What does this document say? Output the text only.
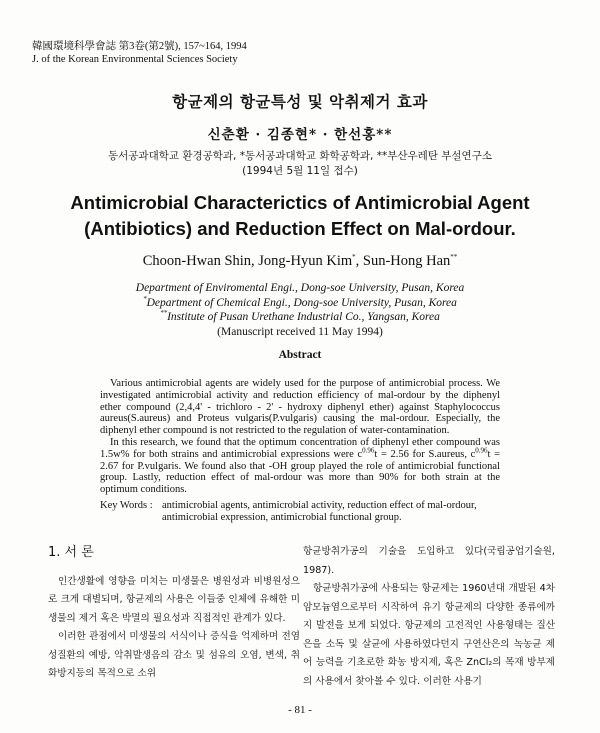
韓國環境科學會誌 第3卷(第2號), 157~164, 1994
J. of the Korean Environmental Sciences Society
항균제의 항균특성 및 악취제거 효과
신춘환 · 김종현* · 한선홍**
동서공과대학교 환경공학과, *동서공과대학교 화학공학과, **부산우레탄 부설연구소
(1994년 5월 11일 접수)
Antimicrobial Characterictics of Antimicrobial Agent
(Antibiotics) and Reduction Effect on Mal-ordour.
Choon-Hwan Shin, Jong-Hyun Kim*, Sun-Hong Han**
Department of Enviromental Engi., Dong-soe University, Pusan, Korea
*Department of Chemical Engi., Dong-soe University, Pusan, Korea
**Institute of Pusan Urethane Industrial Co., Yangsan, Korea
(Manuscript received 11 May 1994)
Abstract

Various antimicrobial agents are widely used for the purpose of antimicrobial process. We investigated antimicrobial activity and reduction efficiency of mal-ordour by the diphenyl ether compound (2,4,4' - trichloro - 2' - hydroxy diphenyl ether) against Staphylococcus aureus(S.aureus) and Proteus vulgaris(P.vulgaris) causing the mal-ordour. Especially, the diphenyl ether compound is not restricted to the regulation of water-contamination.

In this research, we found that the optimum concentration of diphenyl ether compound was 1.5w% for both strains and antimicrobial expressions were $c^{0.96}t = 2.56$ for S.aureus, $c^{0.96}t = 2.67$ for P.vulgaris. We found also that -OH group played the role of antimicrobial functional group. Lastly, reduction effect of mal-ordour was more than 90% for both strain at the optimum conditions.

Key Words : antimicrobial agents, antimicrobial activity, reduction effect of mal-ordour, antimicrobial expression, antimicrobial functional group.
1. 서 론

인간생활에 영향을 미치는 미생물은 병원성과 비병원성으로 크게 대별되며, 항균제의 사용은 이들중 인체에 유해한 미생물의 제거 혹은 박멸의 필요성과 직접적인 관계가 있다.

이러한 관점에서 미생물의 서식이나 증식을 억제하며 전염성질환의 예방, 악취발생음의 감소 및 섬유의 오염, 변색, 취화방지등의 목적으로 소위

항균방취가공의 기술을 도입하고 있다(국립공업기술원, 1987).

항균방취가공에 사용되는 항균제는 1960년대 개발된 4차 암모늄염으로부터 시작하여 유기 항균제의 다양한 종류에까지 발전을 보게 되었다. 항균제의 고전적인 사용형태는 질산은을 소독 및 살균에 사용하였다던지 구연산은의 녹농균 제어 능력을 기초로한 화농 방지제, 혹은 ZnCl₂의 목재 방부제의 사용에서 찾아볼 수 있다. 이러한 사용기

- 81 -
